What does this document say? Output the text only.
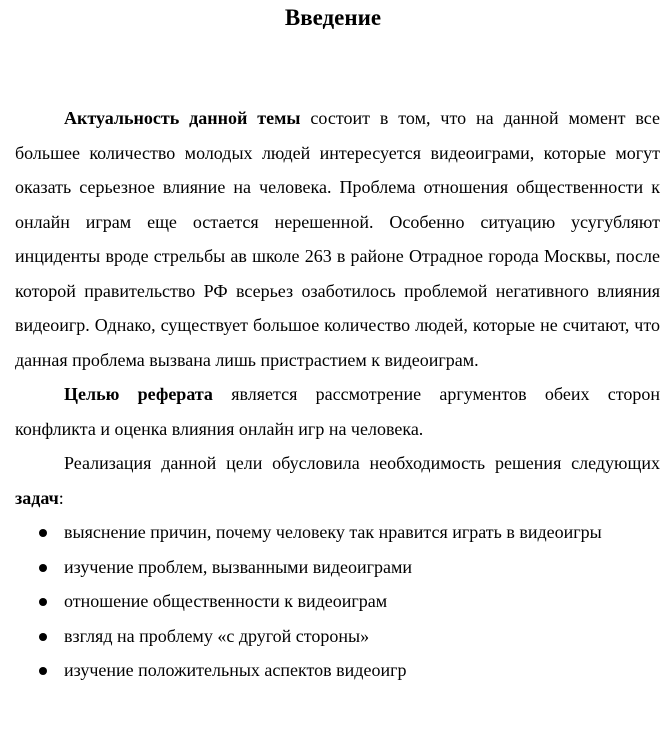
Введение

Актуальность данной темы состоит в том, что на данной момент все большее количество молодых людей интересуется видеоиграми, которые могут оказать серьезное влияние на человека. Проблема отношения общественности к онлайн играм еще остается нерешенной. Особенно ситуацию усугубляют инциденты вроде стрельбы ав школе 263 в районе Отрадное города Москвы, после которой правительство РФ всерьез озаботилось проблемой негативного влияния видеоигр. Однако, существует большое количество людей, которые не считают, что данная проблема вызвана лишь пристрастием к видеоиграм.

Целью реферата является рассмотрение аргументов обеих сторон конфликта и оценка влияния онлайн игр на человека.

Реализация данной цели обусловила необходимость решения следующих задач:

выяснение причин, почему человеку так нравится играть в видеоигры
изучение проблем, вызванными видеоиграми
отношение общественности к видеоиграм
взгляд на проблему «с другой стороны»
изучение положительных аспектов видеоигр
